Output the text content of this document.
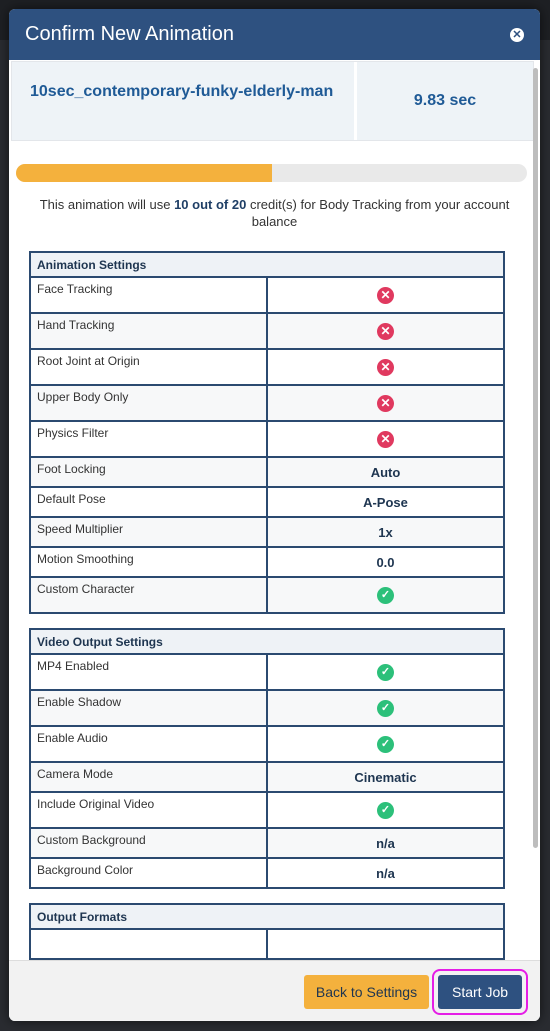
Confirm New Animation	✕
10sec_contemporary-funky-elderly-man
9.83 sec
This animation will use 10 out of 20 credit(s) for Body Tracking from your account balance
Animation Settings	
Face Tracking	✕
Hand Tracking	✕
Root Joint at Origin	✕
Upper Body Only	✕
Physics Filter	✕
Foot Locking	Auto
Default Pose	A-Pose
Speed Multiplier	1x
Motion Smoothing	0.0
Custom Character	✓
Video Output Settings	
MP4 Enabled	✓
Enable Shadow	✓
Enable Audio	✓
Camera Mode	Cinematic
Include Original Video	✓
Custom Background	n/a
Background Color	n/a
Output Formats

Back to Settings	Start Job
